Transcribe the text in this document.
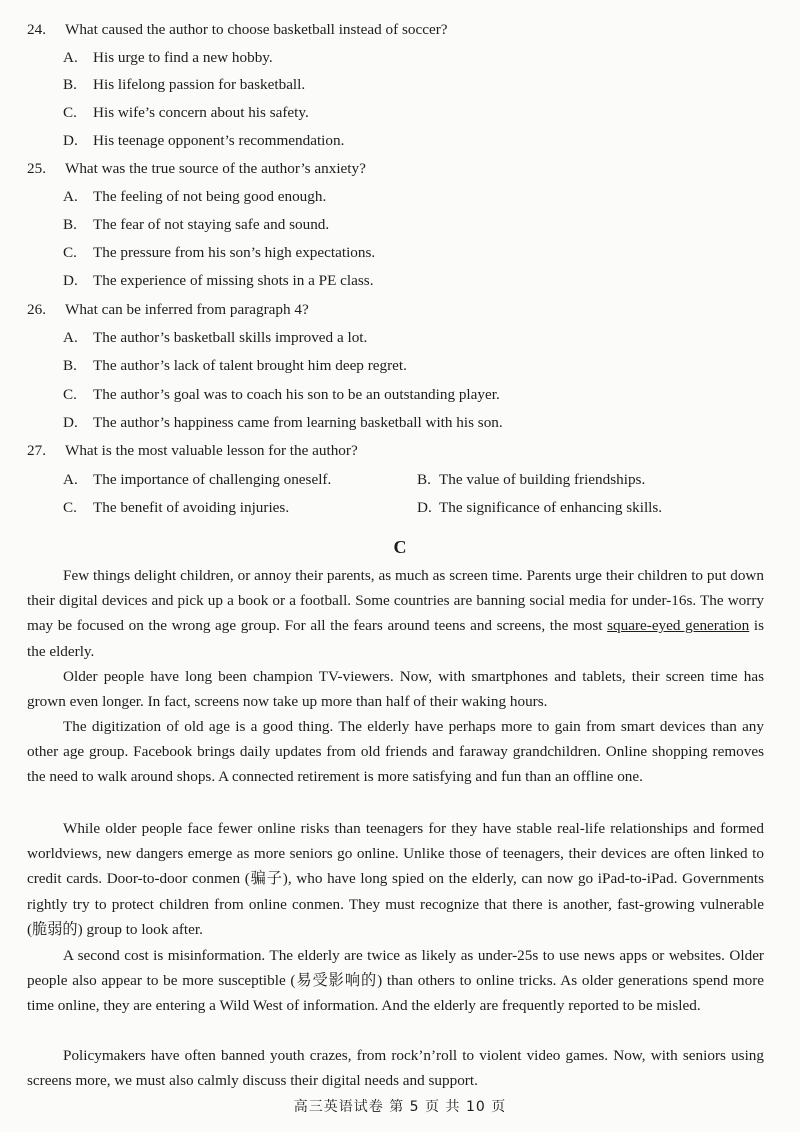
24. What caused the author to choose basketball instead of soccer?
A. His urge to find a new hobby.
B. His lifelong passion for basketball.
C. His wife’s concern about his safety.
D. His teenage opponent’s recommendation.
25. What was the true source of the author’s anxiety?
A. The feeling of not being good enough.
B. The fear of not staying safe and sound.
C. The pressure from his son’s high expectations.
D. The experience of missing shots in a PE class.
26. What can be inferred from paragraph 4?
A. The author’s basketball skills improved a lot.
B. The author’s lack of talent brought him deep regret.
C. The author’s goal was to coach his son to be an outstanding player.
D. The author’s happiness came from learning basketball with his son.
27. What is the most valuable lesson for the author?
A. The importance of challenging oneself.	B. The value of building friendships.
C. The benefit of avoiding injuries.	D. The significance of enhancing skills.
C

Few things delight children, or annoy their parents, as much as screen time. Parents urge their children to put down their digital devices and pick up a book or a football. Some countries are banning social media for under-16s. The worry may be focused on the wrong age group. For all the fears around teens and screens, the most square-eyed generation is the elderly.

Older people have long been champion TV-viewers. Now, with smartphones and tablets, their screen time has grown even longer. In fact, screens now take up more than half of their waking hours.

The digitization of old age is a good thing. The elderly have perhaps more to gain from smart devices than any other age group. Facebook brings daily updates from old friends and faraway grandchildren. Online shopping removes the need to walk around shops. A connected retirement is more satisfying and fun than an offline one.

While older people face fewer online risks than teenagers for they have stable real-life relationships and formed worldviews, new dangers emerge as more seniors go online. Unlike those of teenagers, their devices are often linked to credit cards. Door-to-door conmen (骗子), who have long spied on the elderly, can now go iPad-to-iPad. Governments rightly try to protect children from online conmen. They must recognize that there is another, fast-growing vulnerable (脆弱的) group to look after.

A second cost is misinformation. The elderly are twice as likely as under-25s to use news apps or websites. Older people also appear to be more susceptible (易受影响的) than others to online tricks. As older generations spend more time online, they are entering a Wild West of information. And the elderly are frequently reported to be misled.

Policymakers have often banned youth crazes, from rock’n’roll to violent video games. Now, with seniors using screens more, we must also calmly discuss their digital needs and support.

高三英语试卷 第 5 页 共 10 页
